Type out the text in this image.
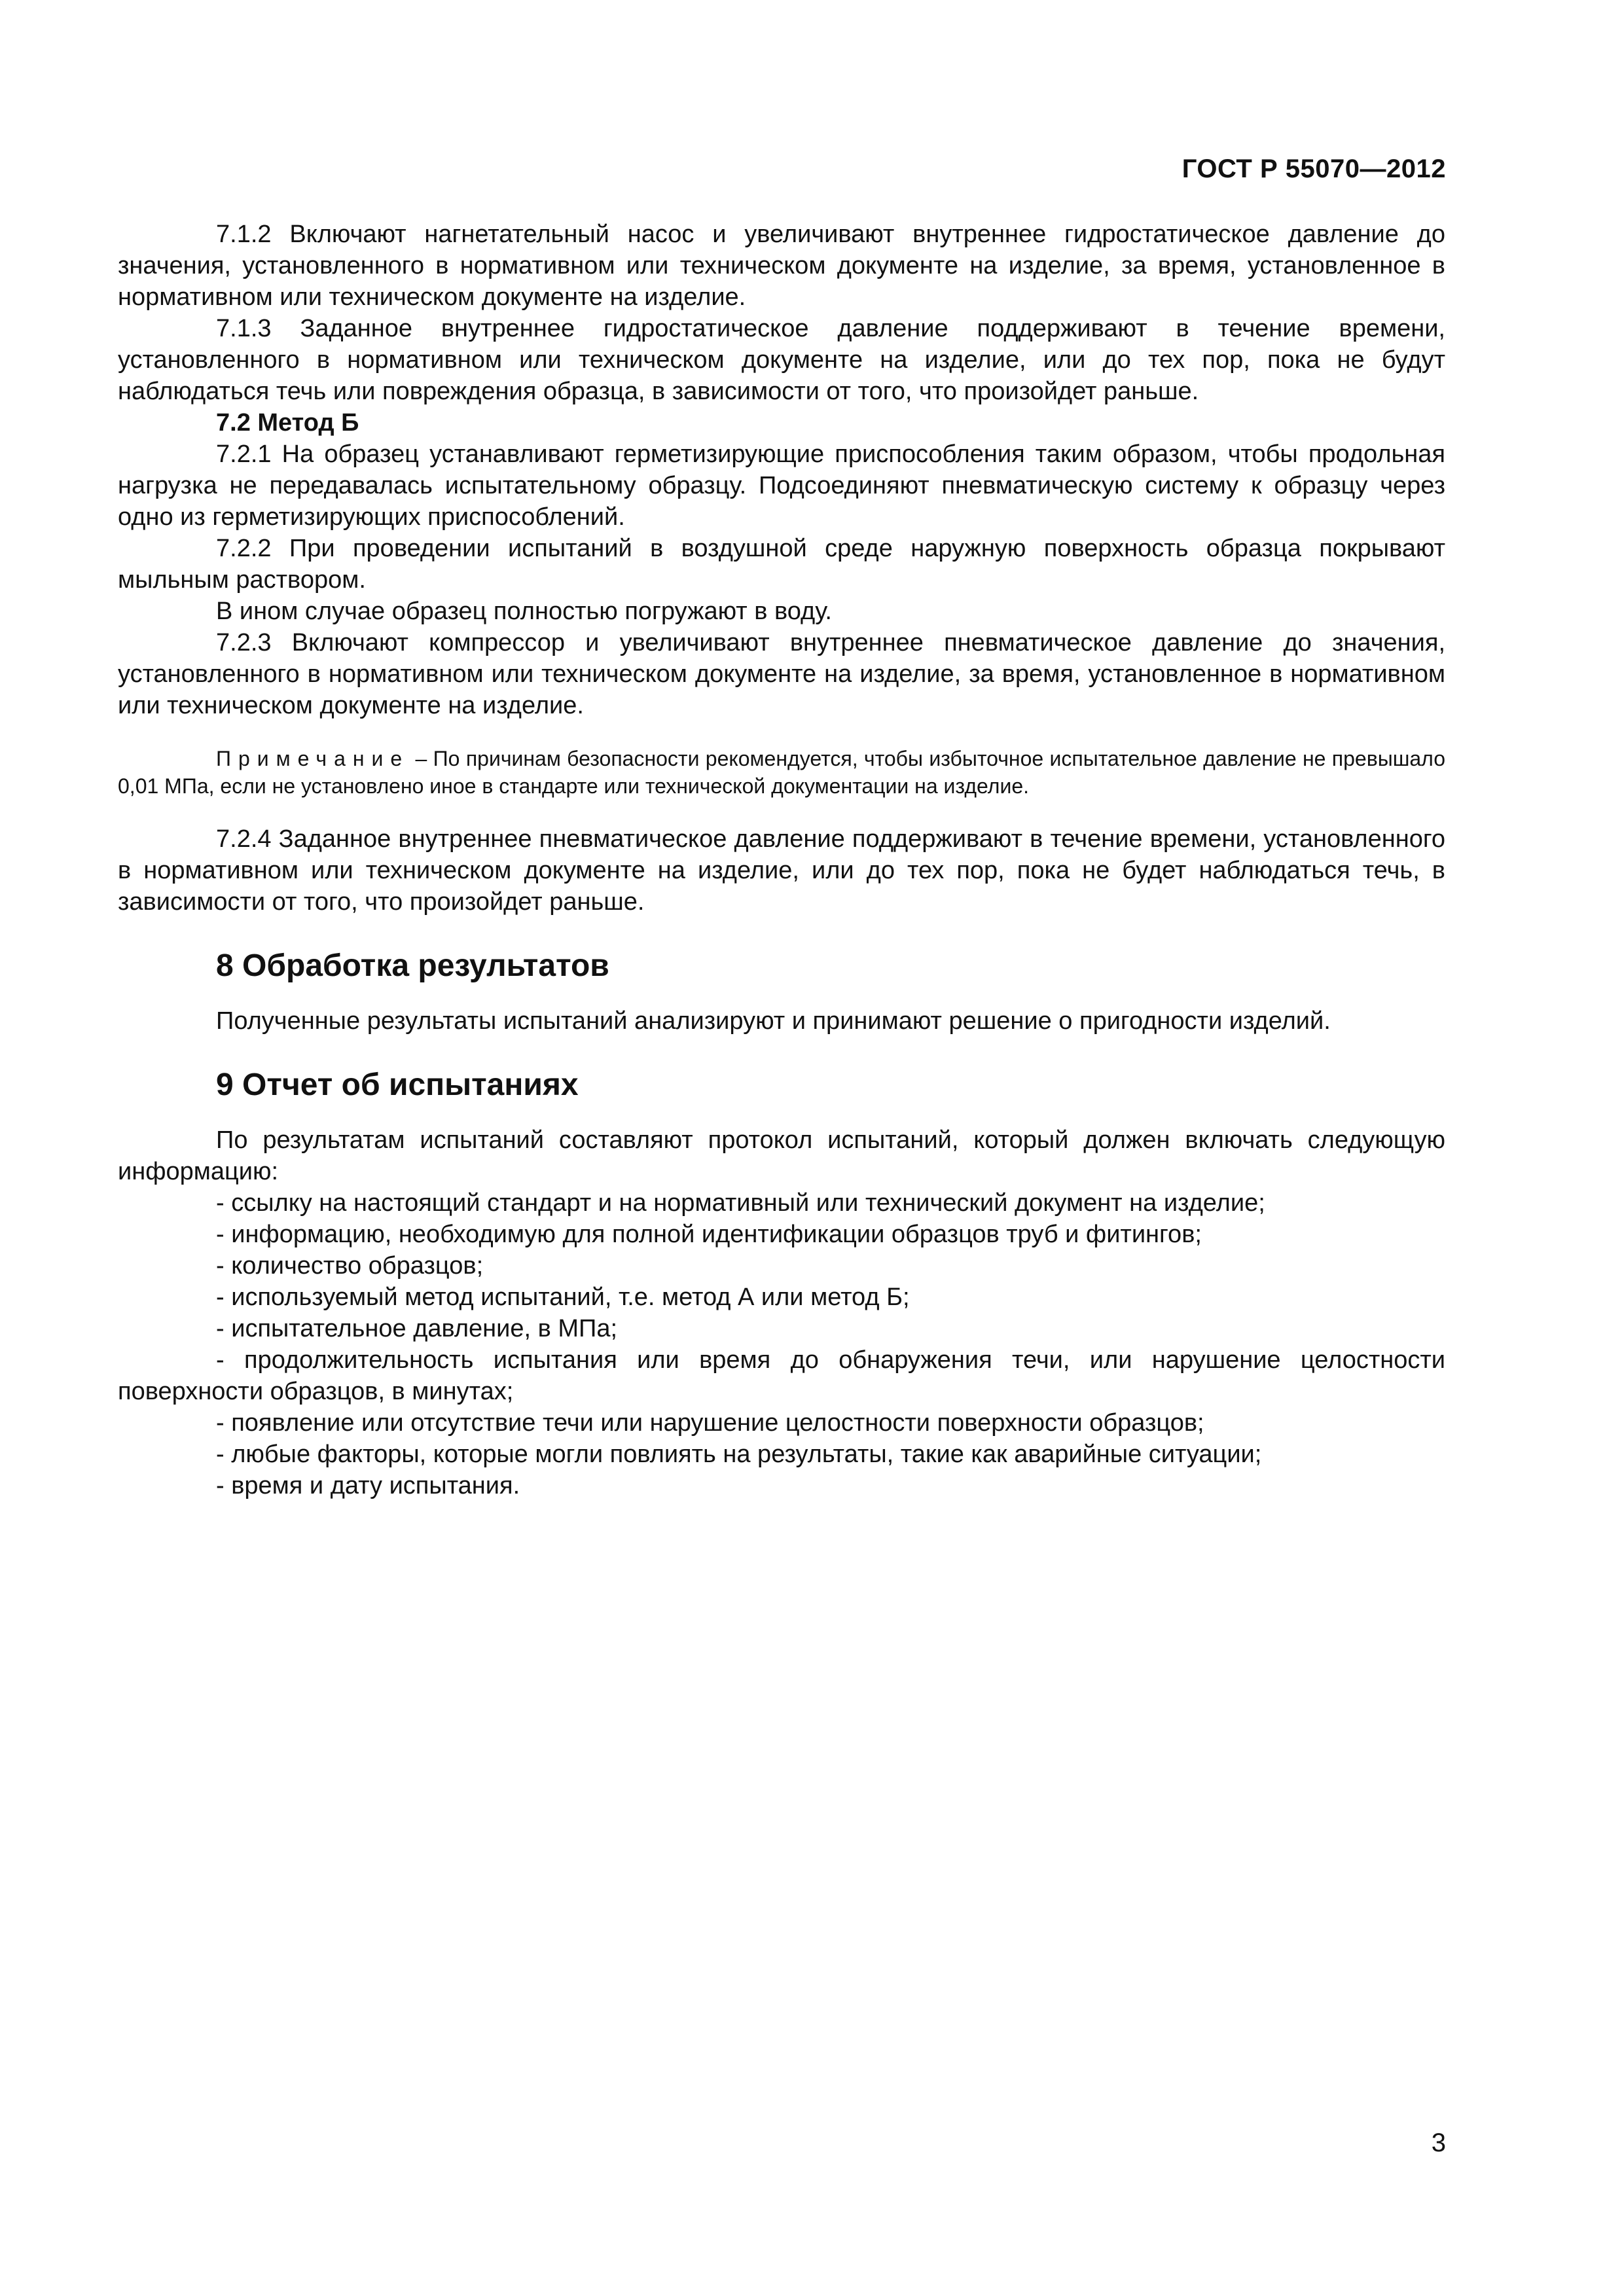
ГОСТ Р 55070—2012

7.1.2 Включают нагнетательный насос и увеличивают внутреннее гидростатическое давление до значения, установленного в нормативном или техническом документе на изделие, за время, установленное в нормативном или техническом документе на изделие.

7.1.3 Заданное внутреннее гидростатическое давление поддерживают в течение времени, установленного в нормативном или техническом документе на изделие, или до тех пор, пока не будут наблюдаться течь или повреждения образца, в зависимости от того, что произойдет раньше.

7.2 Метод Б

7.2.1 На образец устанавливают герметизирующие приспособления таким образом, чтобы продольная нагрузка не передавалась испытательному образцу. Подсоединяют пневматическую систему к образцу через одно из герметизирующих приспособлений.

7.2.2 При проведении испытаний в воздушной среде наружную поверхность образца покрывают мыльным раствором.

В ином случае образец полностью погружают в воду.

7.2.3 Включают компрессор и увеличивают внутреннее пневматическое давление до значения, установленного в нормативном или техническом документе на изделие, за время, установленное в нормативном или техническом документе на изделие.

Примечание – По причинам безопасности рекомендуется, чтобы избыточное испытательное давление не превышало 0,01 МПа, если не установлено иное в стандарте или технической документации на изделие.

7.2.4 Заданное внутреннее пневматическое давление поддерживают в течение времени, установленного в нормативном или техническом документе на изделие, или до тех пор, пока не будет наблюдаться течь, в зависимости от того, что произойдет раньше.

8 Обработка результатов

Полученные результаты испытаний анализируют и принимают решение о пригодности изделий.

9 Отчет об испытаниях

По результатам испытаний составляют протокол испытаний, который должен включать следующую информацию:

- ссылку на настоящий стандарт и на нормативный или технический документ на изделие;

- информацию, необходимую для полной идентификации образцов труб и фитингов;

- количество образцов;

- используемый метод испытаний, т.е. метод А или метод Б;

- испытательное давление, в МПа;

- продолжительность испытания или время до обнаружения течи, или нарушение целостности поверхности образцов, в минутах;

- появление или отсутствие течи или нарушение целостности поверхности образцов;

- любые факторы, которые могли повлиять на результаты, такие как аварийные ситуации;

- время и дату испытания.

3
